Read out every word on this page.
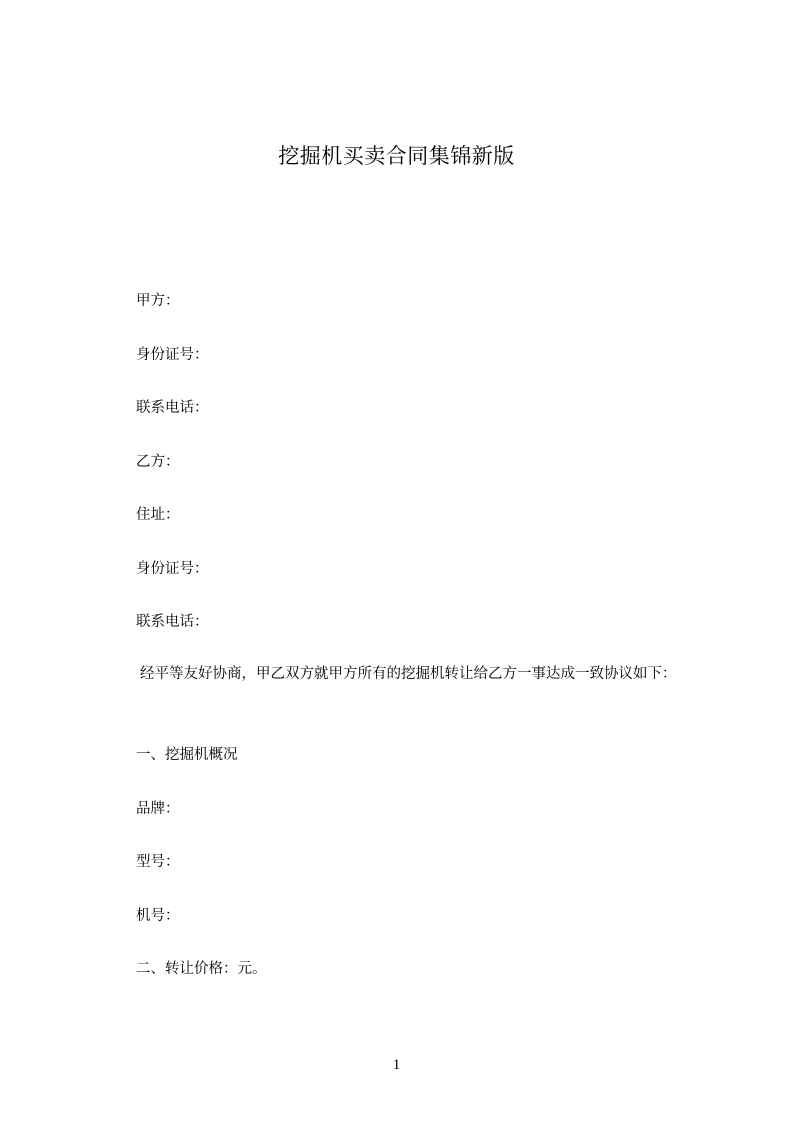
挖掘机买卖合同集锦新版
甲方：
身份证号：
联系电话：
乙方：
住址：
身份证号：
联系电话：
经平等友好协商，甲乙双方就甲方所有的挖掘机转让给乙方一事达成一致协议如下：
一、挖掘机概况
品牌：
型号：
机号：
二、转让价格：元。
1
